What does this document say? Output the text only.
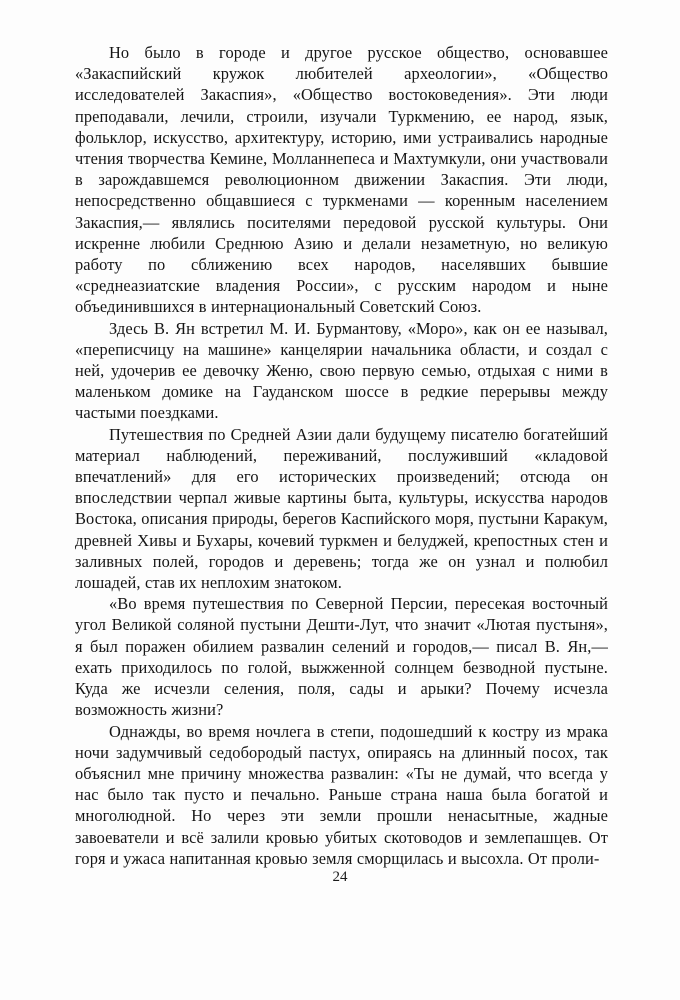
Но было в городе и другое русское общество, основавшее «Закаспийский кружок любителей археологии», «Общество исследователей Закаспия», «Общество востоковедения». Эти люди преподавали, лечили, строили, изучали Туркмению, ее народ, язык, фольклор, искусство, архитектуру, историю, ими устраивались народные чтения творчества Кемине, Молланнепеса и Махтумкули, они участвовали в зарождавшемся революционном движении Закаспия. Эти люди, непосредственно общавшиеся с туркменами — коренным населением Закаспия,— являлись посителями передовой русской культуры. Они искренне любили Среднюю Азию и делали незаметную, но великую работу по сближению всех народов, населявших бывшие «среднеазиатские владения России», с русским народом и ныне объединившихся в интернациональный Советский Союз.

Здесь В. Ян встретил М. И. Бурмантову, «Моро», как он ее называл, «переписчицу на машине» канцелярии начальника области, и создал с ней, удочерив ее девочку Женю, свою первую семью, отдыхая с ними в маленьком домике на Гауданском шоссе в редкие перерывы между частыми поездками.

Путешествия по Средней Азии дали будущему писателю богатейший материал наблюдений, переживаний, послуживший «кладовой впечатлений» для его исторических произведений; отсюда он впоследствии черпал живые картины быта, культуры, искусства народов Востока, описания природы, берегов Каспийского моря, пустыни Каракум, древней Хивы и Бухары, кочевий туркмен и белуджей, крепостных стен и заливных полей, городов и деревень; тогда же он узнал и полюбил лошадей, став их неплохим знатоком.

«Во время путешествия по Северной Персии, пересекая восточный угол Великой соляной пустыни Дешти-Лут, что значит «Лютая пустыня», я был поражен обилием развалин селений и городов,— писал В. Ян,— ехать приходилось по голой, выжженной солнцем безводной пустыне. Куда же исчезли селения, поля, сады и арыки? Почему исчезла возможность жизни?

Однажды, во время ночлега в степи, подошедший к костру из мрака ночи задумчивый седобородый пастух, опираясь на длинный посох, так объяснил мне причину множества развалин: «Ты не думай, что всегда у нас было так пусто и печально. Раньше страна наша была богатой и многолюдной. Но через эти земли прошли ненасытные, жадные завоеватели и всё залили кровью убитых скотоводов и землепашцев. От горя и ужаса напитанная кровью земля сморщилась и высохла. От проли-

24
